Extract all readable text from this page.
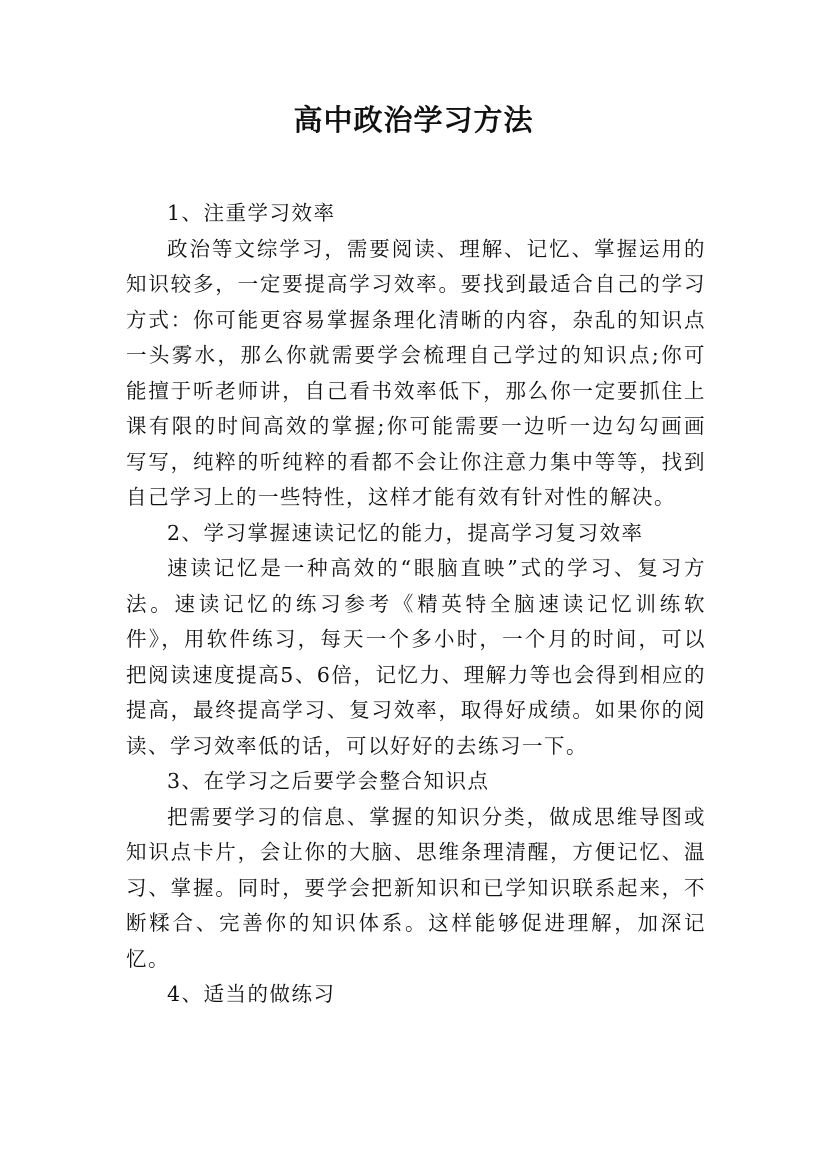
高中政治学习方法

1、注重学习效率

政治等文综学习，需要阅读、理解、记忆、掌握运用的知识较多，一定要提高学习效率。要找到最适合自己的学习方式：你可能更容易掌握条理化清晰的内容，杂乱的知识点一头雾水，那么你就需要学会梳理自己学过的知识点;你可能擅于听老师讲，自己看书效率低下，那么你一定要抓住上课有限的时间高效的掌握;你可能需要一边听一边勾勾画画写写，纯粹的听纯粹的看都不会让你注意力集中等等，找到自己学习上的一些特性，这样才能有效有针对性的解决。

2、学习掌握速读记忆的能力，提高学习复习效率

速读记忆是一种高效的“眼脑直映”式的学习、复习方法。速读记忆的练习参考《精英特全脑速读记忆训练软件》，用软件练习，每天一个多小时，一个月的时间，可以把阅读速度提高5、6倍，记忆力、理解力等也会得到相应的提高，最终提高学习、复习效率，取得好成绩。如果你的阅读、学习效率低的话，可以好好的去练习一下。

3、在学习之后要学会整合知识点

把需要学习的信息、掌握的知识分类，做成思维导图或知识点卡片，会让你的大脑、思维条理清醒，方便记忆、温习、掌握。同时，要学会把新知识和已学知识联系起来，不断糅合、完善你的知识体系。这样能够促进理解，加深记忆。

4、适当的做练习
